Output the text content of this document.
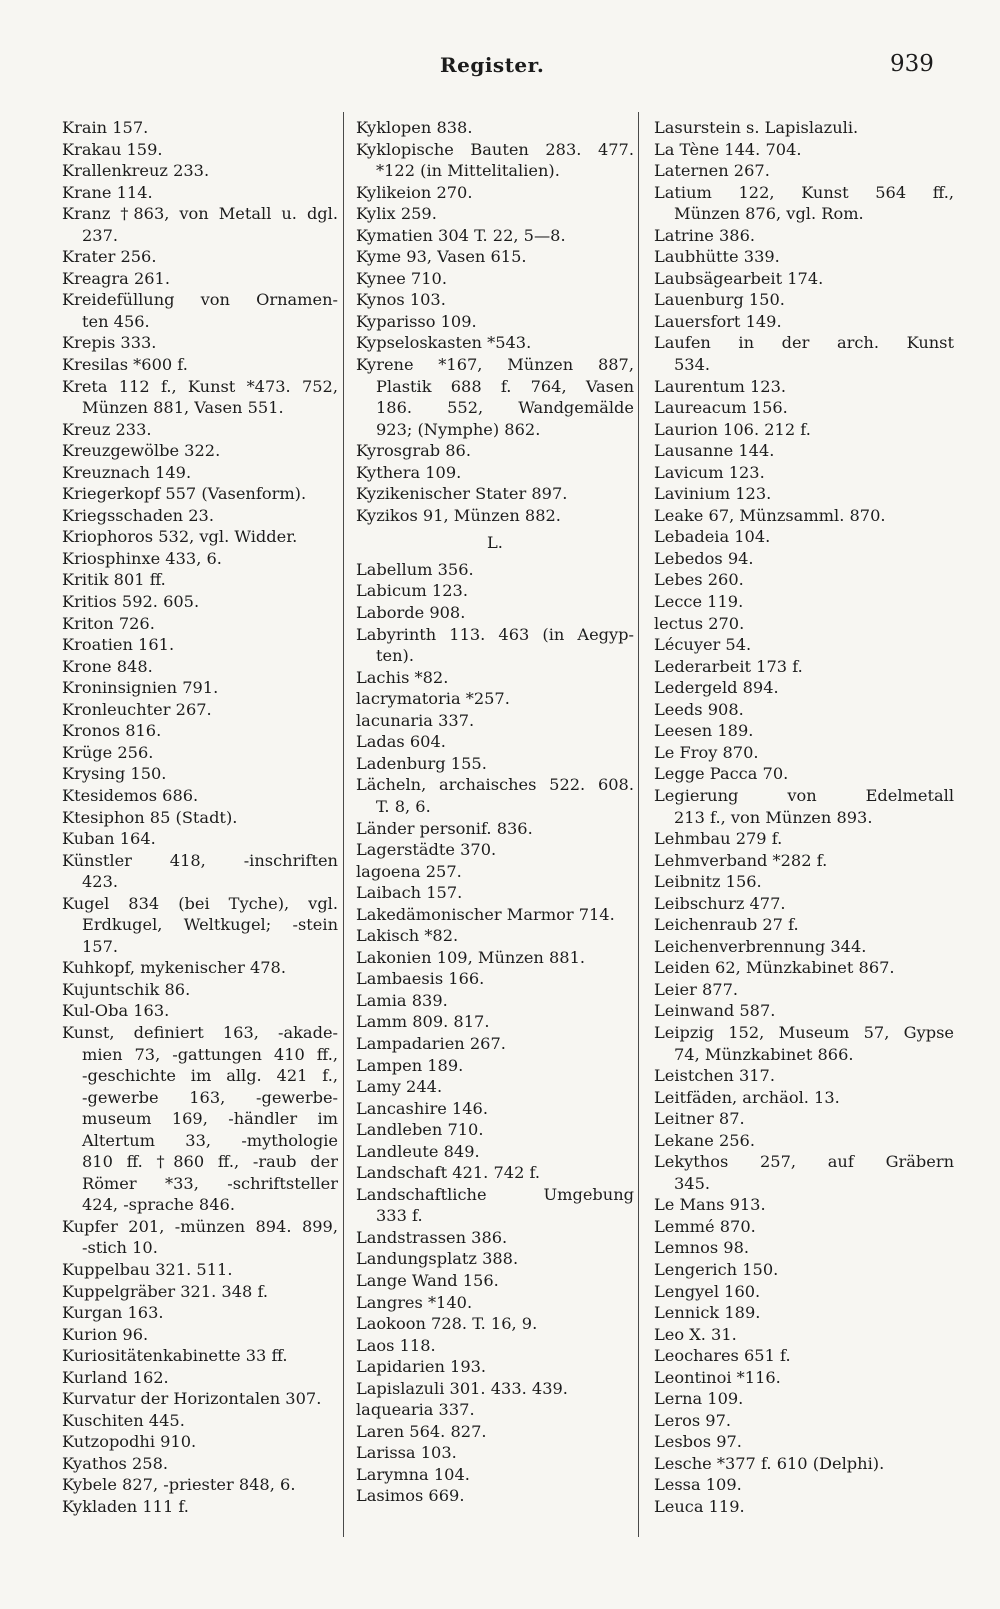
Register.	939
Krain 157.
Krakau 159.
Krallenkreuz 233.
Krane 114.
Kranz †863, von Metall u. dgl.
237.
Krater 256.
Kreagra 261.
Kreidefüllung von Ornamen-
ten 456.
Krepis 333.
Kresilas *600 f.
Kreta 112 f., Kunst *473. 752,
Münzen 881, Vasen 551.
Kreuz 233.
Kreuzgewölbe 322.
Kreuznach 149.
Kriegerkopf 557 (Vasenform).
Kriegsschaden 23.
Kriophoros 532, vgl. Widder.
Kriosphinxe 433, 6.
Kritik 801 ff.
Kritios 592. 605.
Kriton 726.
Kroatien 161.
Krone 848.
Kroninsignien 791.
Kronleuchter 267.
Kronos 816.
Krüge 256.
Krysing 150.
Ktesidemos 686.
Ktesiphon 85 (Stadt).
Kuban 164.
Künstler 418, -inschriften
423.
Kugel 834 (bei Tyche), vgl.
Erdkugel, Weltkugel; -stein
157.
Kuhkopf, mykenischer 478.
Kujuntschik 86.
Kul-Oba 163.
Kunst, definiert 163, -akade-
mien 73, -gattungen 410 ff.,
-geschichte im allg. 421 f.,
-gewerbe 163, -gewerbe-
museum 169, -händler im
Altertum 33, -mythologie
810 ff. †860 ff., -raub der
Römer *33, -schriftsteller
424, -sprache 846.
Kupfer 201, -münzen 894. 899,
-stich 10.
Kuppelbau 321. 511.
Kuppelgräber 321. 348 f.
Kurgan 163.
Kurion 96.
Kuriositätenkabinette 33 ff.
Kurland 162.
Kurvatur der Horizontalen 307.
Kuschiten 445.
Kutzopodhi 910.
Kyathos 258.
Kybele 827, -priester 848, 6.
Kykladen 111 f.
Kyklopen 838.
Kyklopische Bauten 283. 477.
*122 (in Mittelitalien).
Kylikeion 270.
Kylix 259.
Kymatien 304 T. 22, 5—8.
Kyme 93, Vasen 615.
Kynee 710.
Kynos 103.
Kyparisso 109.
Kypseloskasten *543.
Kyrene *167, Münzen 887,
Plastik 688 f. 764, Vasen
186. 552, Wandgemälde
923; (Nymphe) 862.
Kyrosgrab 86.
Kythera 109.
Kyzikenischer Stater 897.
Kyzikos 91, Münzen 882.
L.
Labellum 356.
Labicum 123.
Laborde 908.
Labyrinth 113. 463 (in Aegyp-
ten).
Lachis *82.
lacrymatoria *257.
lacunaria 337.
Ladas 604.
Ladenburg 155.
Lächeln, archaisches 522. 608.
T. 8, 6.
Länder personif. 836.
Lagerstädte 370.
lagoena 257.
Laibach 157.
Lakedämonischer Marmor 714.
Lakisch *82.
Lakonien 109, Münzen 881.
Lambaesis 166.
Lamia 839.
Lamm 809. 817.
Lampadarien 267.
Lampen 189.
Lamy 244.
Lancashire 146.
Landleben 710.
Landleute 849.
Landschaft 421. 742 f.
Landschaftliche Umgebung
333 f.
Landstrassen 386.
Landungsplatz 388.
Lange Wand 156.
Langres *140.
Laokoon 728. T. 16, 9.
Laos 118.
Lapidarien 193.
Lapislazuli 301. 433. 439.
laquearia 337.
Laren 564. 827.
Larissa 103.
Larymna 104.
Lasimos 669.
Lasurstein s. Lapislazuli.
La Tène 144. 704.
Laternen 267.
Latium 122, Kunst 564 ff.,
Münzen 876, vgl. Rom.
Latrine 386.
Laubhütte 339.
Laubsägearbeit 174.
Lauenburg 150.
Lauersfort 149.
Laufen in der arch. Kunst
534.
Laurentum 123.
Laureacum 156.
Laurion 106. 212 f.
Lausanne 144.
Lavicum 123.
Lavinium 123.
Leake 67, Münzsamml. 870.
Lebadeia 104.
Lebedos 94.
Lebes 260.
Lecce 119.
lectus 270.
Lécuyer 54.
Lederarbeit 173 f.
Ledergeld 894.
Leeds 908.
Leesen 189.
Le Froy 870.
Legge Pacca 70.
Legierung von Edelmetall
213 f., von Münzen 893.
Lehmbau 279 f.
Lehmverband *282 f.
Leibnitz 156.
Leibschurz 477.
Leichenraub 27 f.
Leichenverbrennung 344.
Leiden 62, Münzkabinet 867.
Leier 877.
Leinwand 587.
Leipzig 152, Museum 57, Gypse
74, Münzkabinet 866.
Leistchen 317.
Leitfäden, archäol. 13.
Leitner 87.
Lekane 256.
Lekythos 257, auf Gräbern
345.
Le Mans 913.
Lemmé 870.
Lemnos 98.
Lengerich 150.
Lengyel 160.
Lennick 189.
Leo X. 31.
Leochares 651 f.
Leontinoi *116.
Lerna 109.
Leros 97.
Lesbos 97.
Lesche *377 f. 610 (Delphi).
Lessa 109.
Leuca 119.
